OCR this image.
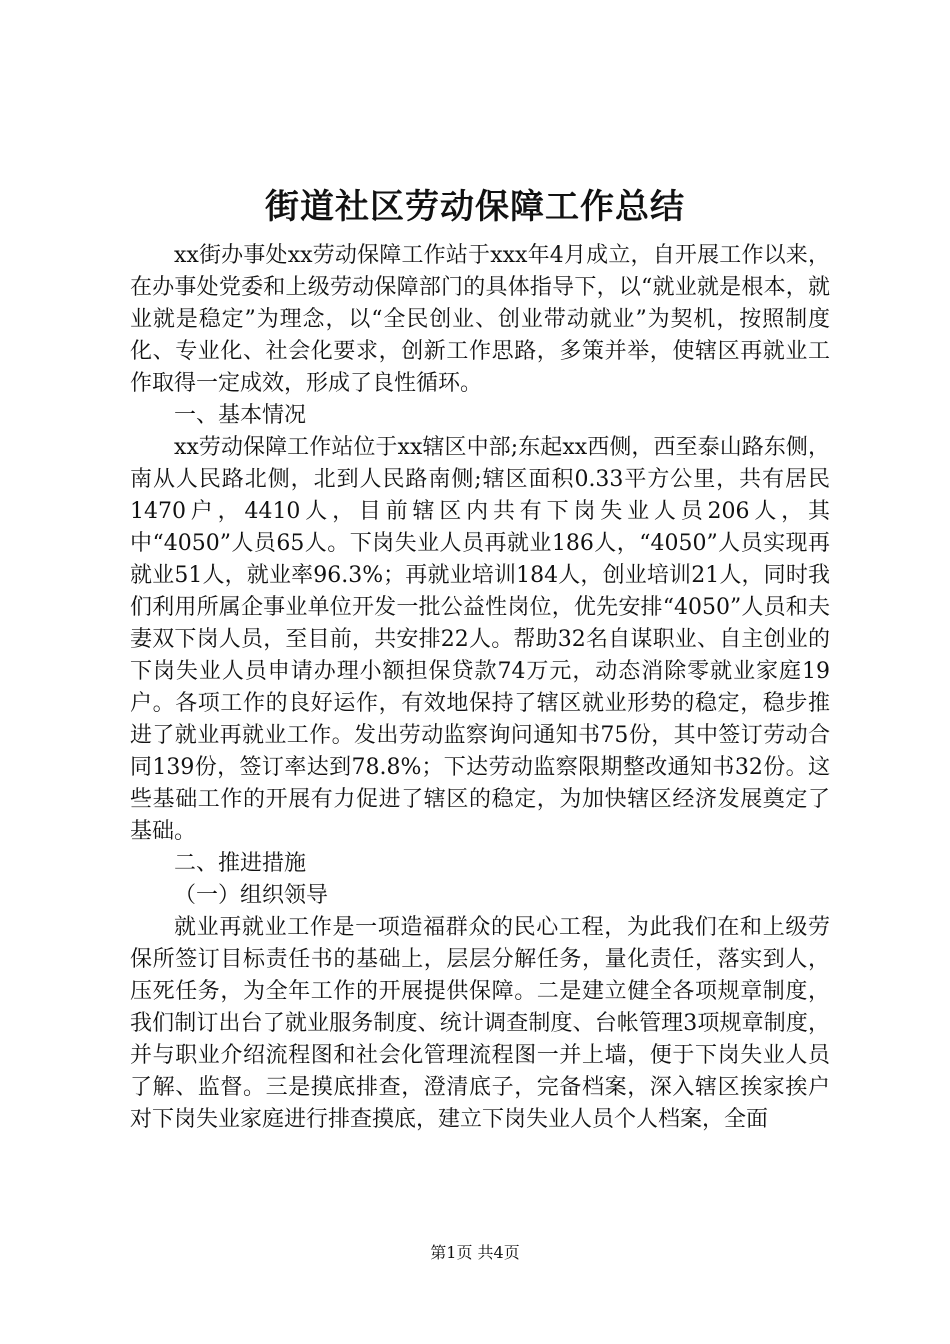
街道社区劳动保障工作总结

xx街办事处xx劳动保障工作站于xxx年4月成立，自开展工作以来，在办事处党委和上级劳动保障部门的具体指导下，以“就业就是根本，就业就是稳定”为理念，以“全民创业、创业带动就业”为契机，按照制度化、专业化、社会化要求，创新工作思路，多策并举，使辖区再就业工作取得一定成效，形成了良性循环。

一、基本情况

xx劳动保障工作站位于xx辖区中部;东起xx西侧，西至泰山路东侧，南从人民路北侧，北到人民路南侧;辖区面积0.33平方公里，共有居民1470户，4410人，目前辖区内共有下岗失业人员206人，其中“4050”人员65人。下岗失业人员再就业186人，“4050”人员实现再就业51人，就业率96.3%；再就业培训184人，创业培训21人，同时我们利用所属企事业单位开发一批公益性岗位，优先安排“4050”人员和夫妻双下岗人员，至目前，共安排22人。帮助32名自谋职业、自主创业的下岗失业人员申请办理小额担保贷款74万元，动态消除零就业家庭19户。各项工作的良好运作，有效地保持了辖区就业形势的稳定，稳步推进了就业再就业工作。发出劳动监察询问通知书75份，其中签订劳动合同139份，签订率达到78.8%；下达劳动监察限期整改通知书32份。这些基础工作的开展有力促进了辖区的稳定，为加快辖区经济发展奠定了基础。

二、推进措施

（一）组织领导

就业再就业工作是一项造福群众的民心工程，为此我们在和上级劳保所签订目标责任书的基础上，层层分解任务，量化责任，落实到人，压死任务，为全年工作的开展提供保障。二是建立健全各项规章制度，我们制订出台了就业服务制度、统计调查制度、台帐管理3项规章制度，并与职业介绍流程图和社会化管理流程图一并上墙，便于下岗失业人员了解、监督。三是摸底排查，澄清底子，完备档案，深入辖区挨家挨户对下岗失业家庭进行排查摸底，建立下岗失业人员个人档案，全面

第1页 共4页
